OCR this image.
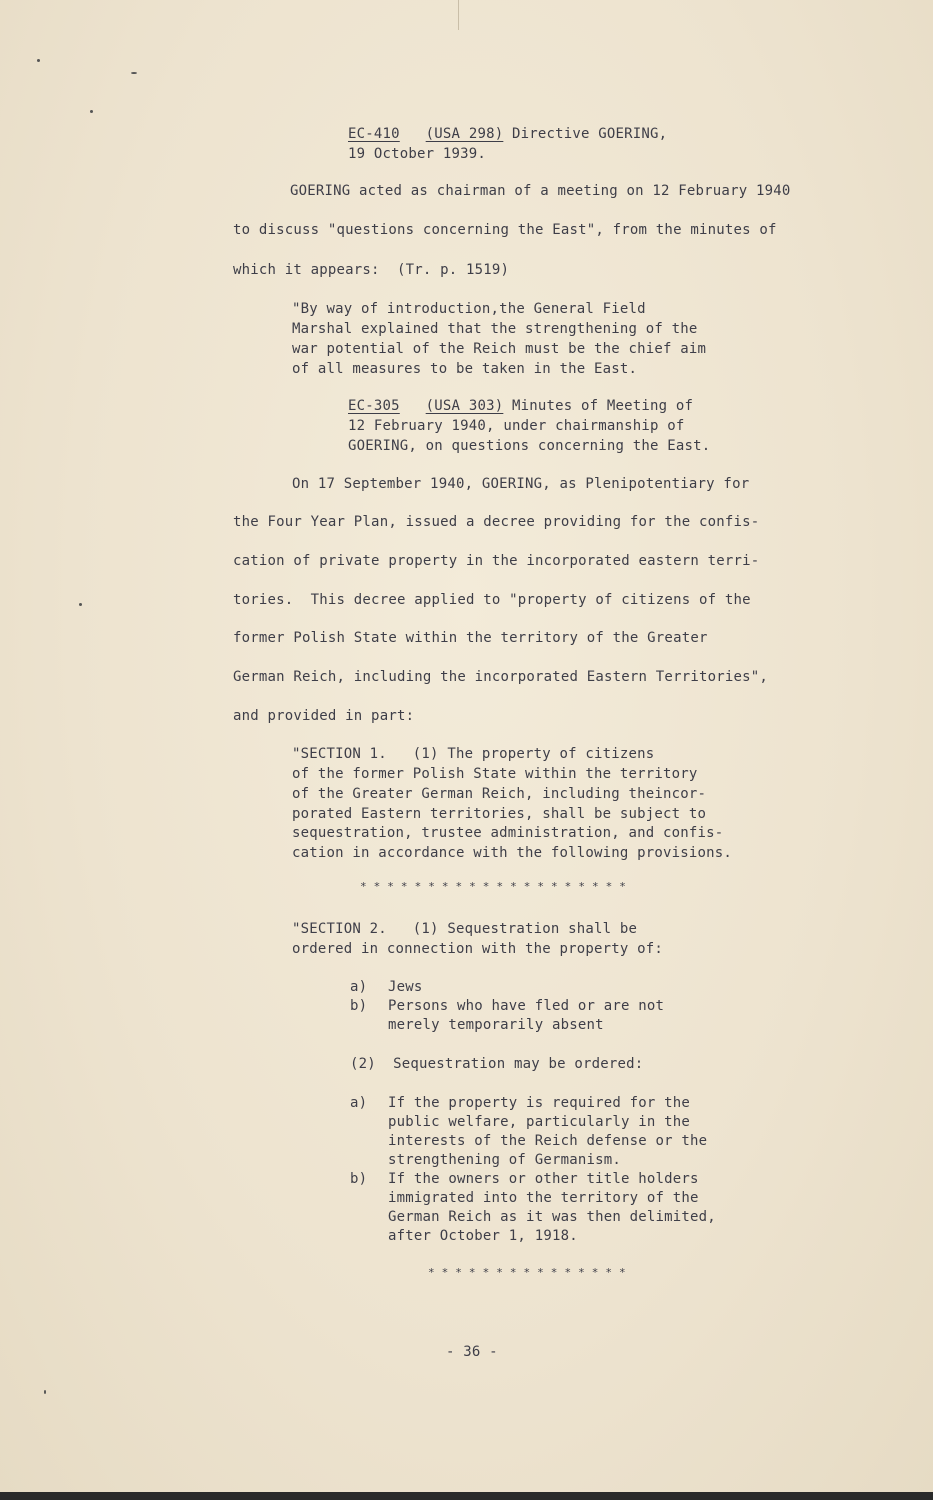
EC-410 (USA 298) Directive GOERING,
19 October 1939.
GOERING acted as chairman of a meeting on 12 February 1940
to discuss "questions concerning the East", from the minutes of
which it appears:  (Tr. p. 1519)
"By way of introduction,the General Field
Marshal explained that the strengthening of the
war potential of the Reich must be the chief aim
of all measures to be taken in the East.
EC-305 (USA 303) Minutes of Meeting of
12 February 1940, under chairmanship of
GOERING, on questions concerning the East.
On 17 September 1940, GOERING, as Plenipotentiary for
the Four Year Plan, issued a decree providing for the confis-
cation of private property in the incorporated eastern terri-
tories.  This decree applied to "property of citizens of the
former Polish State within the territory of the Greater
German Reich, including the incorporated Eastern Territories",
and provided in part:
"SECTION 1.   (1) The property of citizens
of the former Polish State within the territory
of the Greater German Reich, including theincor-
porated Eastern territories, shall be subject to
sequestration, trustee administration, and confis-
cation in accordance with the following provisions.
* * * * * * * * * * * * * * * * * * * *
"SECTION 2.   (1) Sequestration shall be
ordered in connection with the property of:
a) Jews
b) Persons who have fled or are not
merely temporarily absent
(2)  Sequestration may be ordered:
a) If the property is required for the
public welfare, particularly in the
interests of the Reich defense or the
strengthening of Germanism.
b) If the owners or other title holders
immigrated into the territory of the
German Reich as it was then delimited,
after October 1, 1918.
* * * * * * * * * * * * * * *
- 36 -
